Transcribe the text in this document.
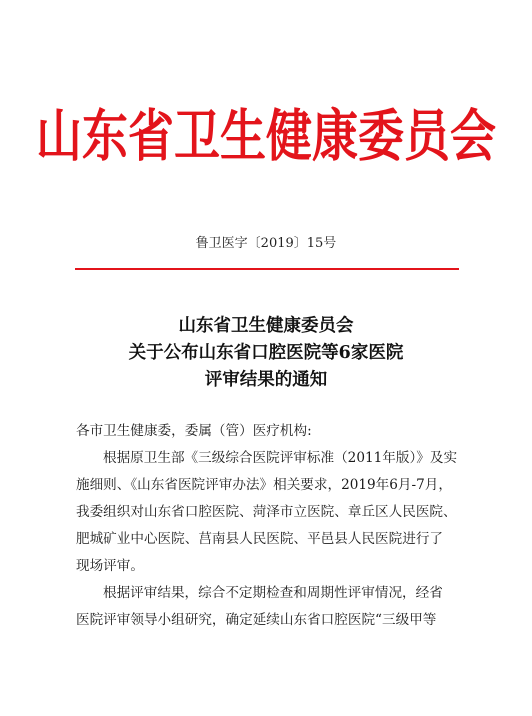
山东省卫生健康委员会
鲁卫医字〔2019〕15号
山东省卫生健康委员会
关于公布山东省口腔医院等6家医院
评审结果的通知

各市卫生健康委，委属（管）医疗机构:

根据原卫生部《三级综合医院评审标准（2011年版）》及实

施细则、《山东省医院评审办法》相关要求，2019年6月-7月，

我委组织对山东省口腔医院、菏泽市立医院、章丘区人民医院、

肥城矿业中心医院、莒南县人民医院、平邑县人民医院进行了

现场评审。

根据评审结果，综合不定期检查和周期性评审情况，经省

医院评审领导小组研究，确定延续山东省口腔医院“三级甲等
